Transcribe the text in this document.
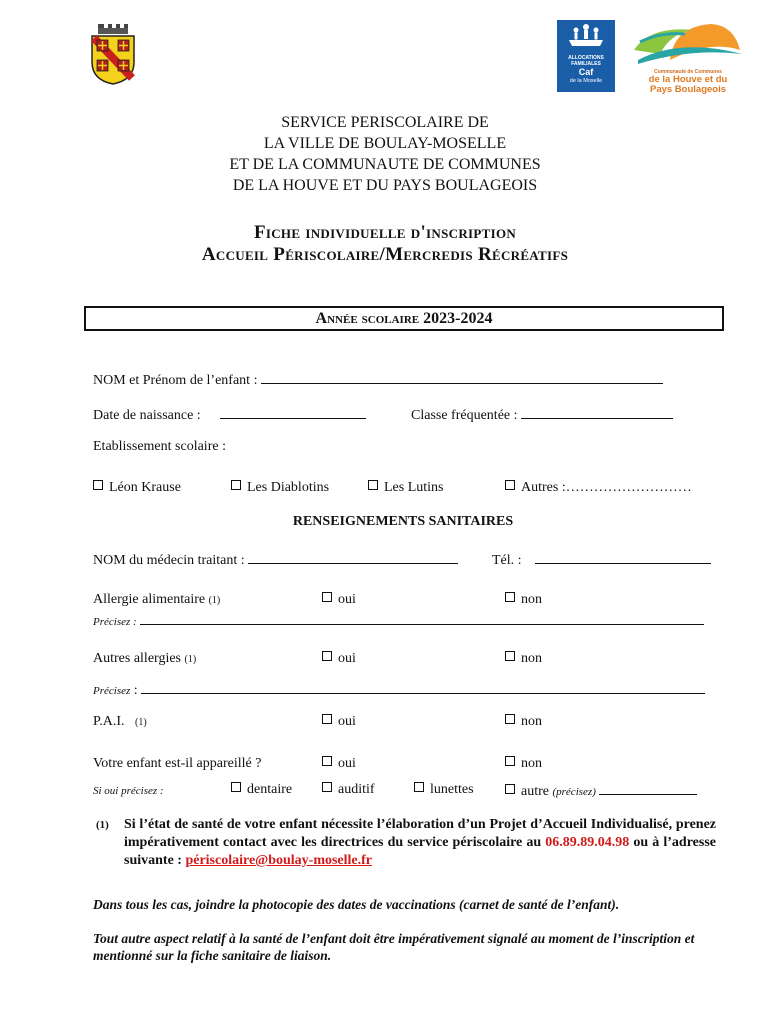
ALLOCATIONS
FAMILIALES
Caf
de la Moselle
Communauté de Communes
de la Houve et du
Pays Boulageois
SERVICE PERISCOLAIRE DE
LA VILLE DE BOULAY-MOSELLE
ET DE LA COMMUNAUTE DE COMMUNES
DE LA HOUVE ET DU PAYS BOULAGEOIS
Fiche individuelle d'inscription
Accueil Périscolaire/Mercredis Récréatifs
Année scolaire 2023-2024
NOM et Prénom de l’enfant :
Date de naissance :	Classe fréquentée :
Etablissement scolaire :
Léon Krause	Les Diablotins	Les Lutins	Autres :………………………
RENSEIGNEMENTS SANITAIRES
NOM du médecin traitant :	Tél. :
Allergie alimentaire (1)	oui	non
Précisez :
Autres allergies (1)	oui	non
Précisez :
P.A.I. (1)	oui	non
Votre enfant est-il appareillé ?	oui	non
Si oui précisez :	dentaire	auditif	lunettes	autre (précisez)
(1)	Si l’état de santé de votre enfant nécessite l’élaboration d’un Projet d’Accueil Individualisé, prenez impérativement contact avec les directrices du service périscolaire au 06.89.89.04.98 ou à l’adresse suivante : périscolaire@boulay-moselle.fr
Dans tous les cas, joindre la photocopie des dates de vaccinations (carnet de santé de l’enfant).
Tout autre aspect relatif à la santé de l’enfant doit être impérativement signalé au moment de l’inscription et mentionné sur la fiche sanitaire de liaison.
